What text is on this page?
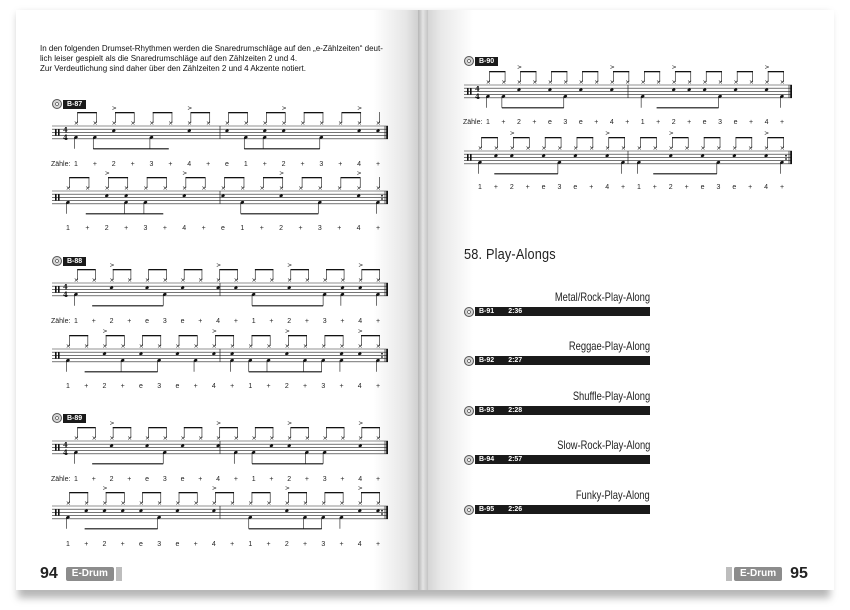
In den folgenden Drumset-Rhythmen werden die Snaredrumschläge auf den „e-Zählzeiten“ deut-
lich leiser gespielt als die Snaredrumschläge auf den Zählzeiten 2 und 4.
Zur Verdeutlichung sind daher über den Zählzeiten 2 und 4 Akzente notiert.
B-87
B-88
B-89
B-90
4
4
× × ×
>
× × × ×
>
× × × × ×
>
× × × ×
>
×
× × ×
>
× × × ×
>
× × × × ×
>
× × × ×
>
×
4
4
× × ×
>
× × × × × ×
>
× × × ×
>
× × × ×
>
×
× × ×
>
× × × × × ×
>
× × × ×
>
× × × ×
>
×
4
4
× × ×
>
× × × × × ×
>
× × × ×
>
× × × ×
>
×
× × ×
>
× × × × × ×
>
× × × ×
>
× × × ×
>
×
4
4
× × ×
>
× × × × × ×
>
× × × ×
>
× × × × × ×
>
×
× × ×
>
× × × × × ×
>
× × × ×
>
× × × × × ×
>
×
Zähle: 1 + 2 + 3 + 4 + e 1 + 2 + 3 + 4 +
1 + 2 + 3 + 4 + e 1 + 2 + 3 + 4 +
Zähle: 1 + 2 + e 3 e + 4 + 1 + 2 + 3 + 4 +
1 + 2 + e 3 e + 4 + 1 + 2 + 3 + 4 +
Zähle: 1 + 2 + e 3 e + 4 + 1 + 2 + 3 + 4 +
1 + 2 + e 3 e + 4 + 1 + 2 + 3 + 4 +
Zähle: 1 + 2 + e 3 e + 4 + 1 + 2 + e 3 e + 4 +
1 + 2 + e 3 e + 4 + 1 + 2 + e 3 e + 4 +
58. Play-Alongs
Metal/Rock-Play-Along
B-91	2:36
Reggae-Play-Along
B-92	2:27
Shuffle-Play-Along
B-93	2:28
Slow-Rock-Play-Along
B-94	2:57
Funky-Play-Along
B-95	2:26
94	E-Drum	E-Drum 95
